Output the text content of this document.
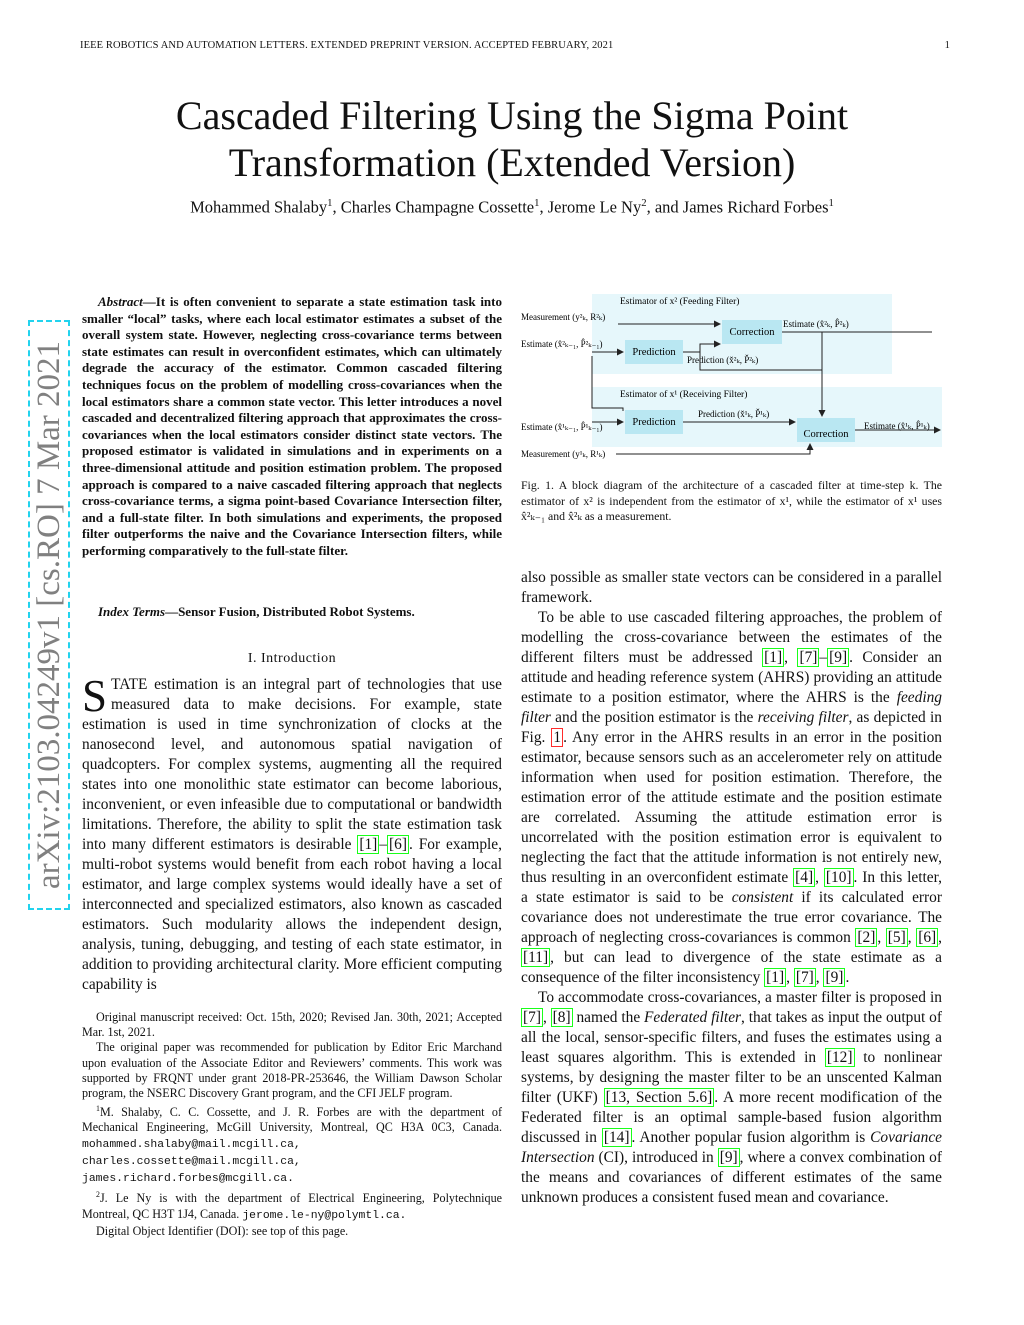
IEEE ROBOTICS AND AUTOMATION LETTERS. EXTENDED PREPRINT VERSION. ACCEPTED FEBRUARY, 2021	1
Cascaded Filtering Using the Sigma Point
Transformation (Extended Version)
Mohammed Shalaby$^1$, Charles Champagne Cossette$^1$, Jerome Le Ny$^2$, and James Richard Forbes$^1$
arXiv:2103.04249v1 [cs.RO] 7 Mar 2021
Abstract—It is often convenient to separate a state estimation task into smaller “local” tasks, where each local estimator estimates a subset of the overall system state. However, neglecting cross-covariance terms between state estimates can result in overconfident estimates, which can ultimately degrade the accuracy of the estimator. Common cascaded filtering techniques focus on the problem of modelling cross-covariances when the local estimators share a common state vector. This letter introduces a novel cascaded and decentralized filtering approach that approximates the cross-covariances when the local estimators consider distinct state vectors. The proposed estimator is validated in simulations and in experiments on a three-dimensional attitude and position estimation problem. The proposed approach is compared to a naive cascaded filtering approach that neglects cross-covariance terms, a sigma point-based Covariance Intersection filter, and a full-state filter. In both simulations and experiments, the proposed filter outperforms the naive and the Covariance Intersection filters, while performing comparatively to the full-state filter.
Index Terms—Sensor Fusion, Distributed Robot Systems.
I. Introduction

STATE estimation is an integral part of technologies that use measured data to make decisions. For example, state estimation is used in time synchronization of clocks at the nanosecond level, and autonomous spatial navigation of quadcopters. For complex systems, augmenting all the required states into one monolithic state estimator can become laborious, inconvenient, or even infeasible due to computational or bandwidth limitations. Therefore, the ability to split the state estimation task into many different estimators is desirable [1] – [6] . For example, multi-robot systems would benefit from each robot having a local estimator, and large complex systems would ideally have a set of interconnected and specialized estimators, also known as cascaded estimators. Such modularity allows the independent design, analysis, tuning, debugging, and testing of each state estimator, in addition to providing architectural clarity. More efficient computing capability is

Original manuscript received: Oct. 15th, 2020; Revised Jan. 30th, 2021; Accepted Mar. 1st, 2021.

The original paper was recommended for publication by Editor Eric Marchand upon evaluation of the Associate Editor and Reviewers’ comments. This work was supported by FRQNT under grant 2018-PR-253646, the William Dawson Scholar program, the NSERC Discovery Grant program, and the CFI JELF program.

$^1$M. Shalaby, C. C. Cossette, and J. R. Forbes are with the department of Mechanical Engineering, McGill University, Montreal, QC H3A 0C3, Canada. mohammed.shalaby@mail.mcgill.ca, charles.cossette@mail.mcgill.ca, james.richard.forbes@mcgill.ca.

$^2$J. Le Ny is with the department of Electrical Engineering, Polytechnique Montreal, QC H3T 1J4, Canada. jerome.le-ny@polymtl.ca.

Digital Object Identifier (DOI): see top of this page.

Estimator of x² (Feeding Filter)
Estimator of x¹ (Receiving Filter)
Prediction
Correction
Prediction
Correction
Measurement (y²ₖ, R²ₖ)
Estimate (x̂²ₖ₋₁, P̂²ₖ₋₁)
Prediction (x̌²ₖ, P̌²ₖ)
Estimate (x̂²ₖ, P̂²ₖ)
Estimate (x̂¹ₖ₋₁, P̂¹ₖ₋₁)
Prediction (x̌¹ₖ, P̌¹ₖ)
Estimate (x̂¹ₖ, P̂¹ₖ)
Measurement (y¹ₖ, R¹ₖ)
Fig. 1. A block diagram of the architecture of a cascaded filter at time-step k. The estimator of x² is independent from the estimator of x¹, while the estimator of x¹ uses x̂²ₖ₋₁ and x̂²ₖ as a measurement.

also possible as smaller state vectors can be considered in a parallel framework.

To be able to use cascaded filtering approaches, the problem of modelling the cross-covariance between the estimates of the different filters must be addressed [1] , [7] – [9] . Consider an attitude and heading reference system (AHRS) providing an attitude estimate to a position estimator, where the AHRS is the feeding filter and the position estimator is the receiving filter, as depicted in Fig. 1 . Any error in the AHRS results in an error in the position estimator, because sensors such as an accelerometer rely on attitude information when used for position estimation. Therefore, the estimation error of the attitude estimate and the position estimate are correlated. Assuming the attitude estimation error is uncorrelated with the position estimation error is equivalent to neglecting the fact that the attitude information is not entirely new, thus resulting in an overconfident estimate [4] , [10] . In this letter, a state estimator is said to be consistent if its calculated error covariance does not underestimate the true error covariance. The approach of neglecting cross-covariances is common [2] , [5] , [6] , [11] , but can lead to divergence of the state estimate as a consequence of the filter inconsistency [1] , [7] , [9] .

To accommodate cross-covariances, a master filter is proposed in [7] , [8] named the Federated filter, that takes as input the output of all the local, sensor-specific filters, and fuses the estimates using a least squares algorithm. This is extended in [12] to nonlinear systems, by designing the master filter to be an unscented Kalman filter (UKF) [13, Section 5.6] . A more recent modification of the Federated filter is an optimal sample-based fusion algorithm discussed in [14] . Another popular fusion algorithm is Covariance Intersection (CI), introduced in [9] , where a convex combination of the means and covariances of different estimates of the same unknown produces a consistent fused mean and covariance.
